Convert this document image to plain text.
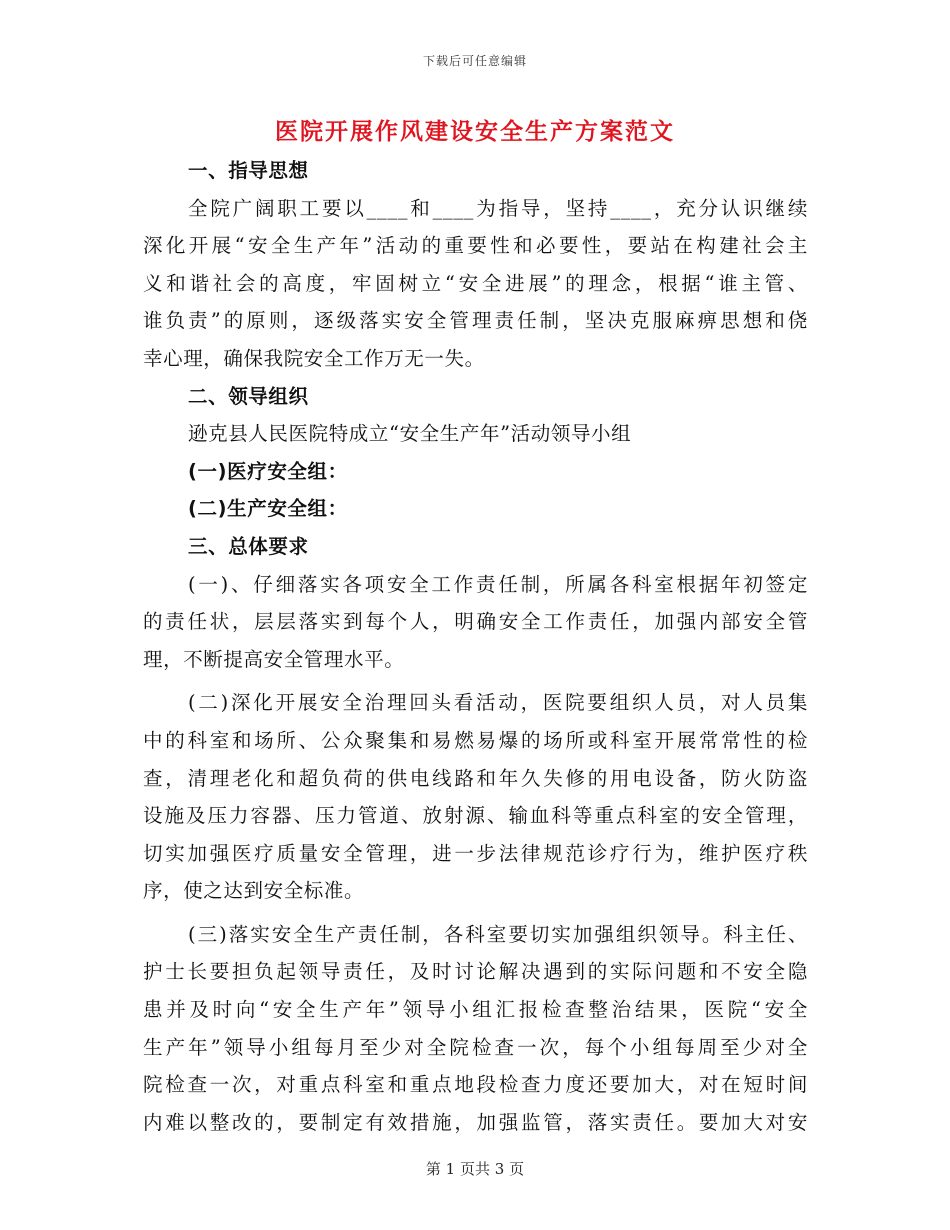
下载后可任意编辑
医院开展作风建设安全生产方案范文
一、指导思想
全院广阔职工要以____和____为指导，坚持____，充分认识继续
深化开展“安全生产年”活动的重要性和必要性，要站在构建社会主
义和谐社会的高度，牢固树立“安全进展”的理念，根据“谁主管、
谁负责”的原则，逐级落实安全管理责任制，坚决克服麻痹思想和侥
幸心理，确保我院安全工作万无一失。
二、领导组织
逊克县人民医院特成立“安全生产年”活动领导小组
(一)医疗安全组：
(二)生产安全组：
三、总体要求
(一)、仔细落实各项安全工作责任制，所属各科室根据年初签定
的责任状，层层落实到每个人，明确安全工作责任，加强内部安全管
理，不断提高安全管理水平。
(二)深化开展安全治理回头看活动，医院要组织人员，对人员集
中的科室和场所、公众聚集和易燃易爆的场所或科室开展常常性的检
查，清理老化和超负荷的供电线路和年久失修的用电设备，防火防盗
设施及压力容器、压力管道、放射源、输血科等重点科室的安全管理，
切实加强医疗质量安全管理，进一步法律规范诊疗行为，维护医疗秩
序，使之达到安全标准。
(三)落实安全生产责任制，各科室要切实加强组织领导。科主任、
护士长要担负起领导责任，及时讨论解决遇到的实际问题和不安全隐
患并及时向“安全生产年”领导小组汇报检查整治结果，医院“安全
生产年”领导小组每月至少对全院检查一次，每个小组每周至少对全
院检查一次，对重点科室和重点地段检查力度还要加大，对在短时间
内难以整改的，要制定有效措施，加强监管，落实责任。要加大对安
第 1 页共 3 页
